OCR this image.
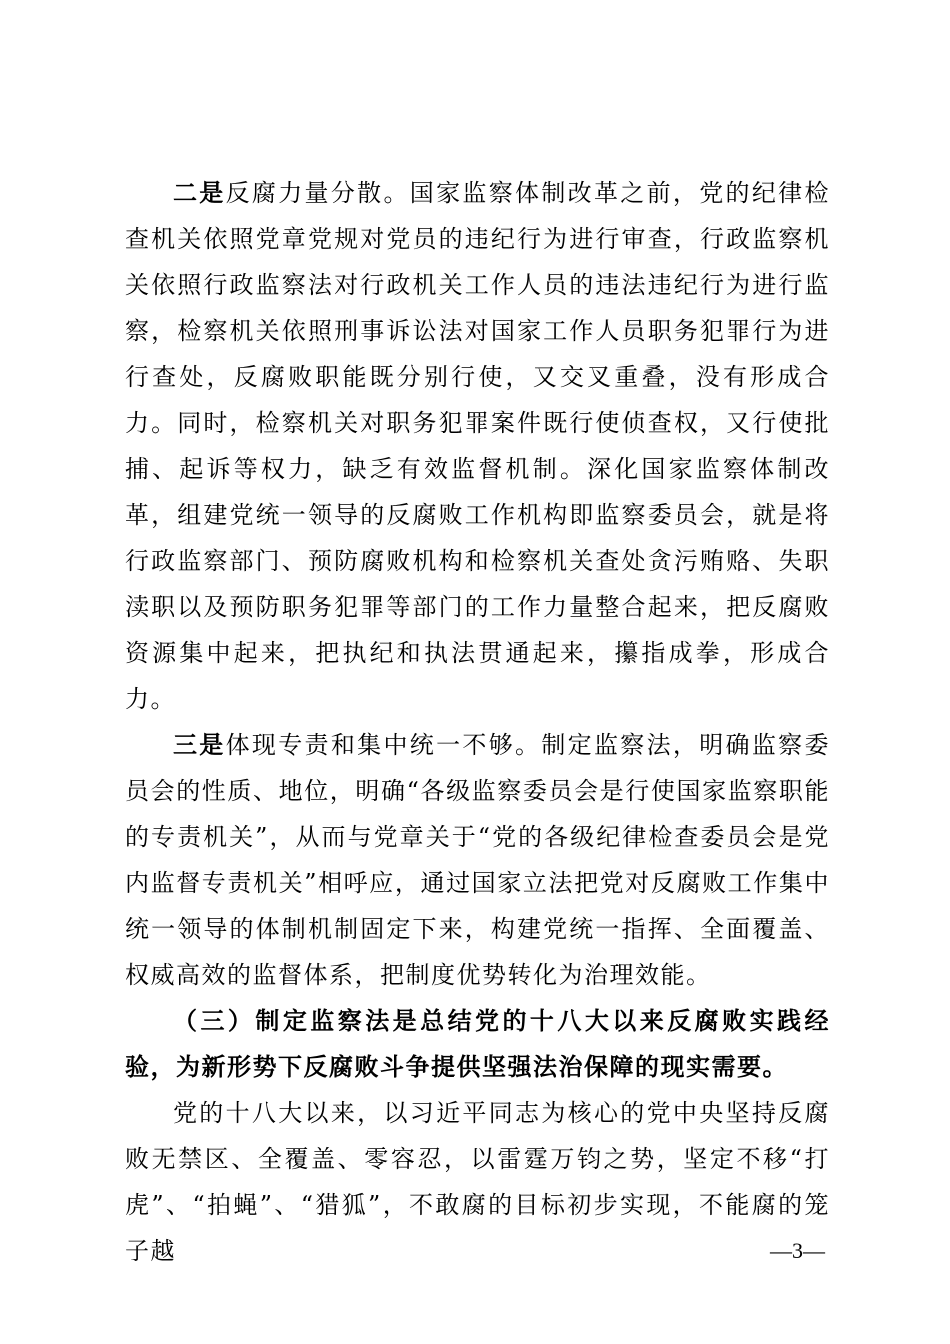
二是反腐力量分散。国家监察体制改革之前，党的纪律检查机关依照党章党规对党员的违纪行为进行审查，行政监察机关依照行政监察法对行政机关工作人员的违法违纪行为进行监察，检察机关依照刑事诉讼法对国家工作人员职务犯罪行为进行查处，反腐败职能既分别行使，又交叉重叠，没有形成合力。同时，检察机关对职务犯罪案件既行使侦查权，又行使批捕、起诉等权力，缺乏有效监督机制。深化国家监察体制改革，组建党统一领导的反腐败工作机构即监察委员会，就是将行政监察部门、预防腐败机构和检察机关查处贪污贿赂、失职渎职以及预防职务犯罪等部门的工作力量整合起来，把反腐败资源集中起来，把执纪和执法贯通起来，攥指成拳，形成合力。

三是体现专责和集中统一不够。制定监察法，明确监察委员会的性质、地位，明确“各级监察委员会是行使国家监察职能的专责机关”，从而与党章关于“党的各级纪律检查委员会是党内监督专责机关”相呼应，通过国家立法把党对反腐败工作集中统一领导的体制机制固定下来，构建党统一指挥、全面覆盖、权威高效的监督体系，把制度优势转化为治理效能。

（三）制定监察法是总结党的十八大以来反腐败实践经验，为新形势下反腐败斗争提供坚强法治保障的现实需要。

党的十八大以来，以习近平同志为核心的党中央坚持反腐败无禁区、全覆盖、零容忍，以雷霆万钧之势，坚定不移“打虎”、“拍蝇”、“猎狐”，不敢腐的目标初步实现，不能腐的笼子越	—3—
